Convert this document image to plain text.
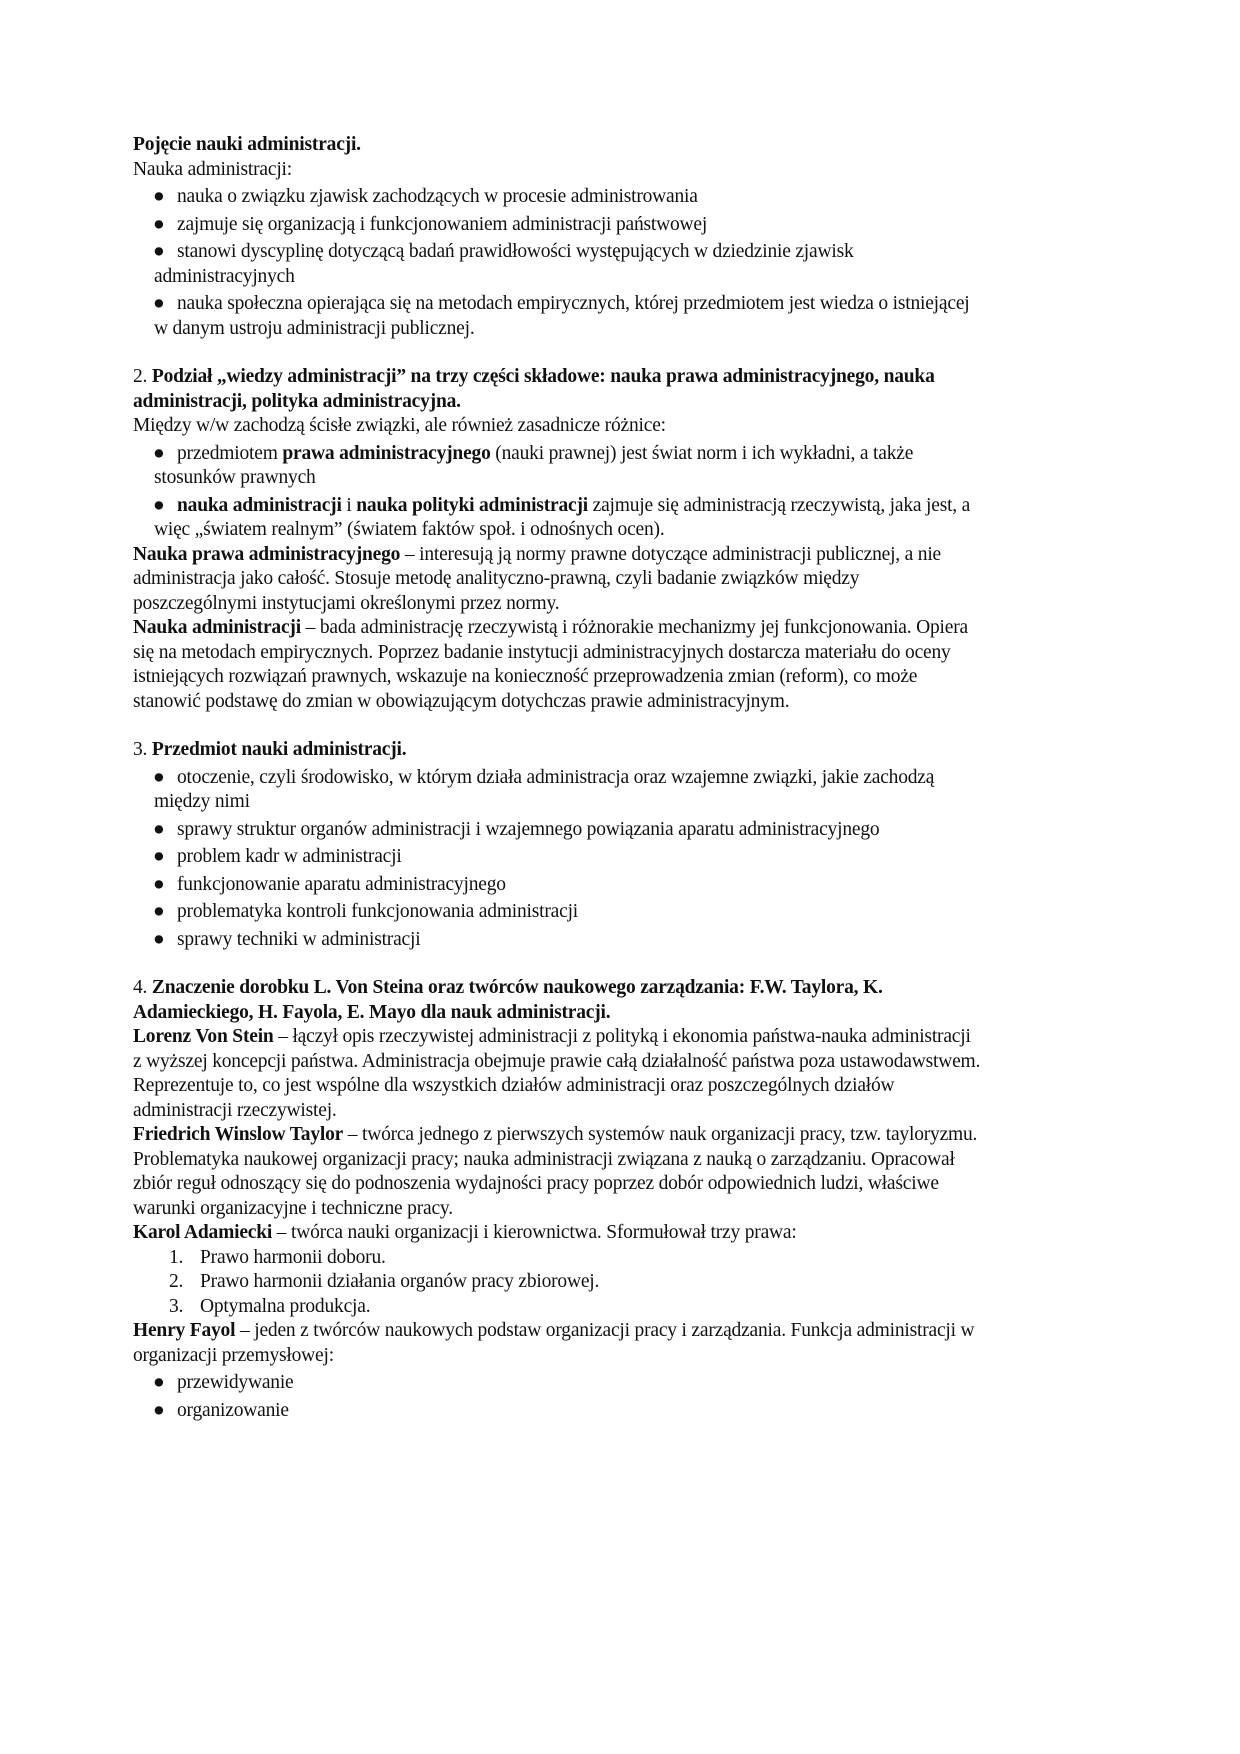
Pojęcie nauki administracji.

Nauka administracji:

● nauka o związku zjawisk zachodzących w procesie administrowania
● zajmuje się organizacją i funkcjonowaniem administracji państwowej
● stanowi dyscyplinę dotyczącą badań prawidłowości występujących w dziedzinie zjawisk administracyjnych
● nauka społeczna opierająca się na metodach empirycznych, której przedmiotem jest wiedza o istniejącej w danym ustroju administracji publicznej.

2. Podział „wiedzy administracji” na trzy części składowe: nauka prawa administracyjnego, nauka administracji, polityka administracyjna.

Między w/w zachodzą ścisłe związki, ale również zasadnicze różnice:

● przedmiotem prawa administracyjnego (nauki prawnej) jest świat norm i ich wykładni, a także stosunków prawnych
● nauka administracji i nauka polityki administracji zajmuje się administracją rzeczywistą, jaka jest, a więc „światem realnym” (światem faktów społ. i odnośnych ocen).

Nauka prawa administracyjnego – interesują ją normy prawne dotyczące administracji publicznej, a nie administracja jako całość. Stosuje metodę analityczno-prawną, czyli badanie związków między poszczególnymi instytucjami określonymi przez normy.

Nauka administracji – bada administrację rzeczywistą i różnorakie mechanizmy jej funkcjonowania. Opiera się na metodach empirycznych. Poprzez badanie instytucji administracyjnych dostarcza materiału do oceny istniejących rozwiązań prawnych, wskazuje na konieczność przeprowadzenia zmian (reform), co może stanowić podstawę do zmian w obowiązującym dotychczas prawie administracyjnym.

3. Przedmiot nauki administracji.

● otoczenie, czyli środowisko, w którym działa administracja oraz wzajemne związki, jakie zachodzą między nimi
● sprawy struktur organów administracji i wzajemnego powiązania aparatu administracyjnego
● problem kadr w administracji
● funkcjonowanie aparatu administracyjnego
● problematyka kontroli funkcjonowania administracji
● sprawy techniki w administracji

4. Znaczenie dorobku L. Von Steina oraz twórców naukowego zarządzania: F.W. Taylora, K. Adamieckiego, H. Fayola, E. Mayo dla nauk administracji.

Lorenz Von Stein – łączył opis rzeczywistej administracji z polityką i ekonomia państwa-nauka administracji z wyższej koncepcji państwa. Administracja obejmuje prawie całą działalność państwa poza ustawodawstwem. Reprezentuje to, co jest wspólne dla wszystkich działów administracji oraz poszczególnych działów administracji rzeczywistej.

Friedrich Winslow Taylor – twórca jednego z pierwszych systemów nauk organizacji pracy, tzw. tayloryzmu. Problematyka naukowej organizacji pracy; nauka administracji związana z nauką o zarządzaniu. Opracował zbiór reguł odnoszący się do podnoszenia wydajności pracy poprzez dobór odpowiednich ludzi, właściwe warunki organizacyjne i techniczne pracy.

Karol Adamiecki – twórca nauki organizacji i kierownictwa. Sformułował trzy prawa:

1. Prawo harmonii doboru.
2. Prawo harmonii działania organów pracy zbiorowej.
3. Optymalna produkcja.

Henry Fayol – jeden z twórców naukowych podstaw organizacji pracy i zarządzania. Funkcja administracji w organizacji przemysłowej:

● przewidywanie
● organizowanie
